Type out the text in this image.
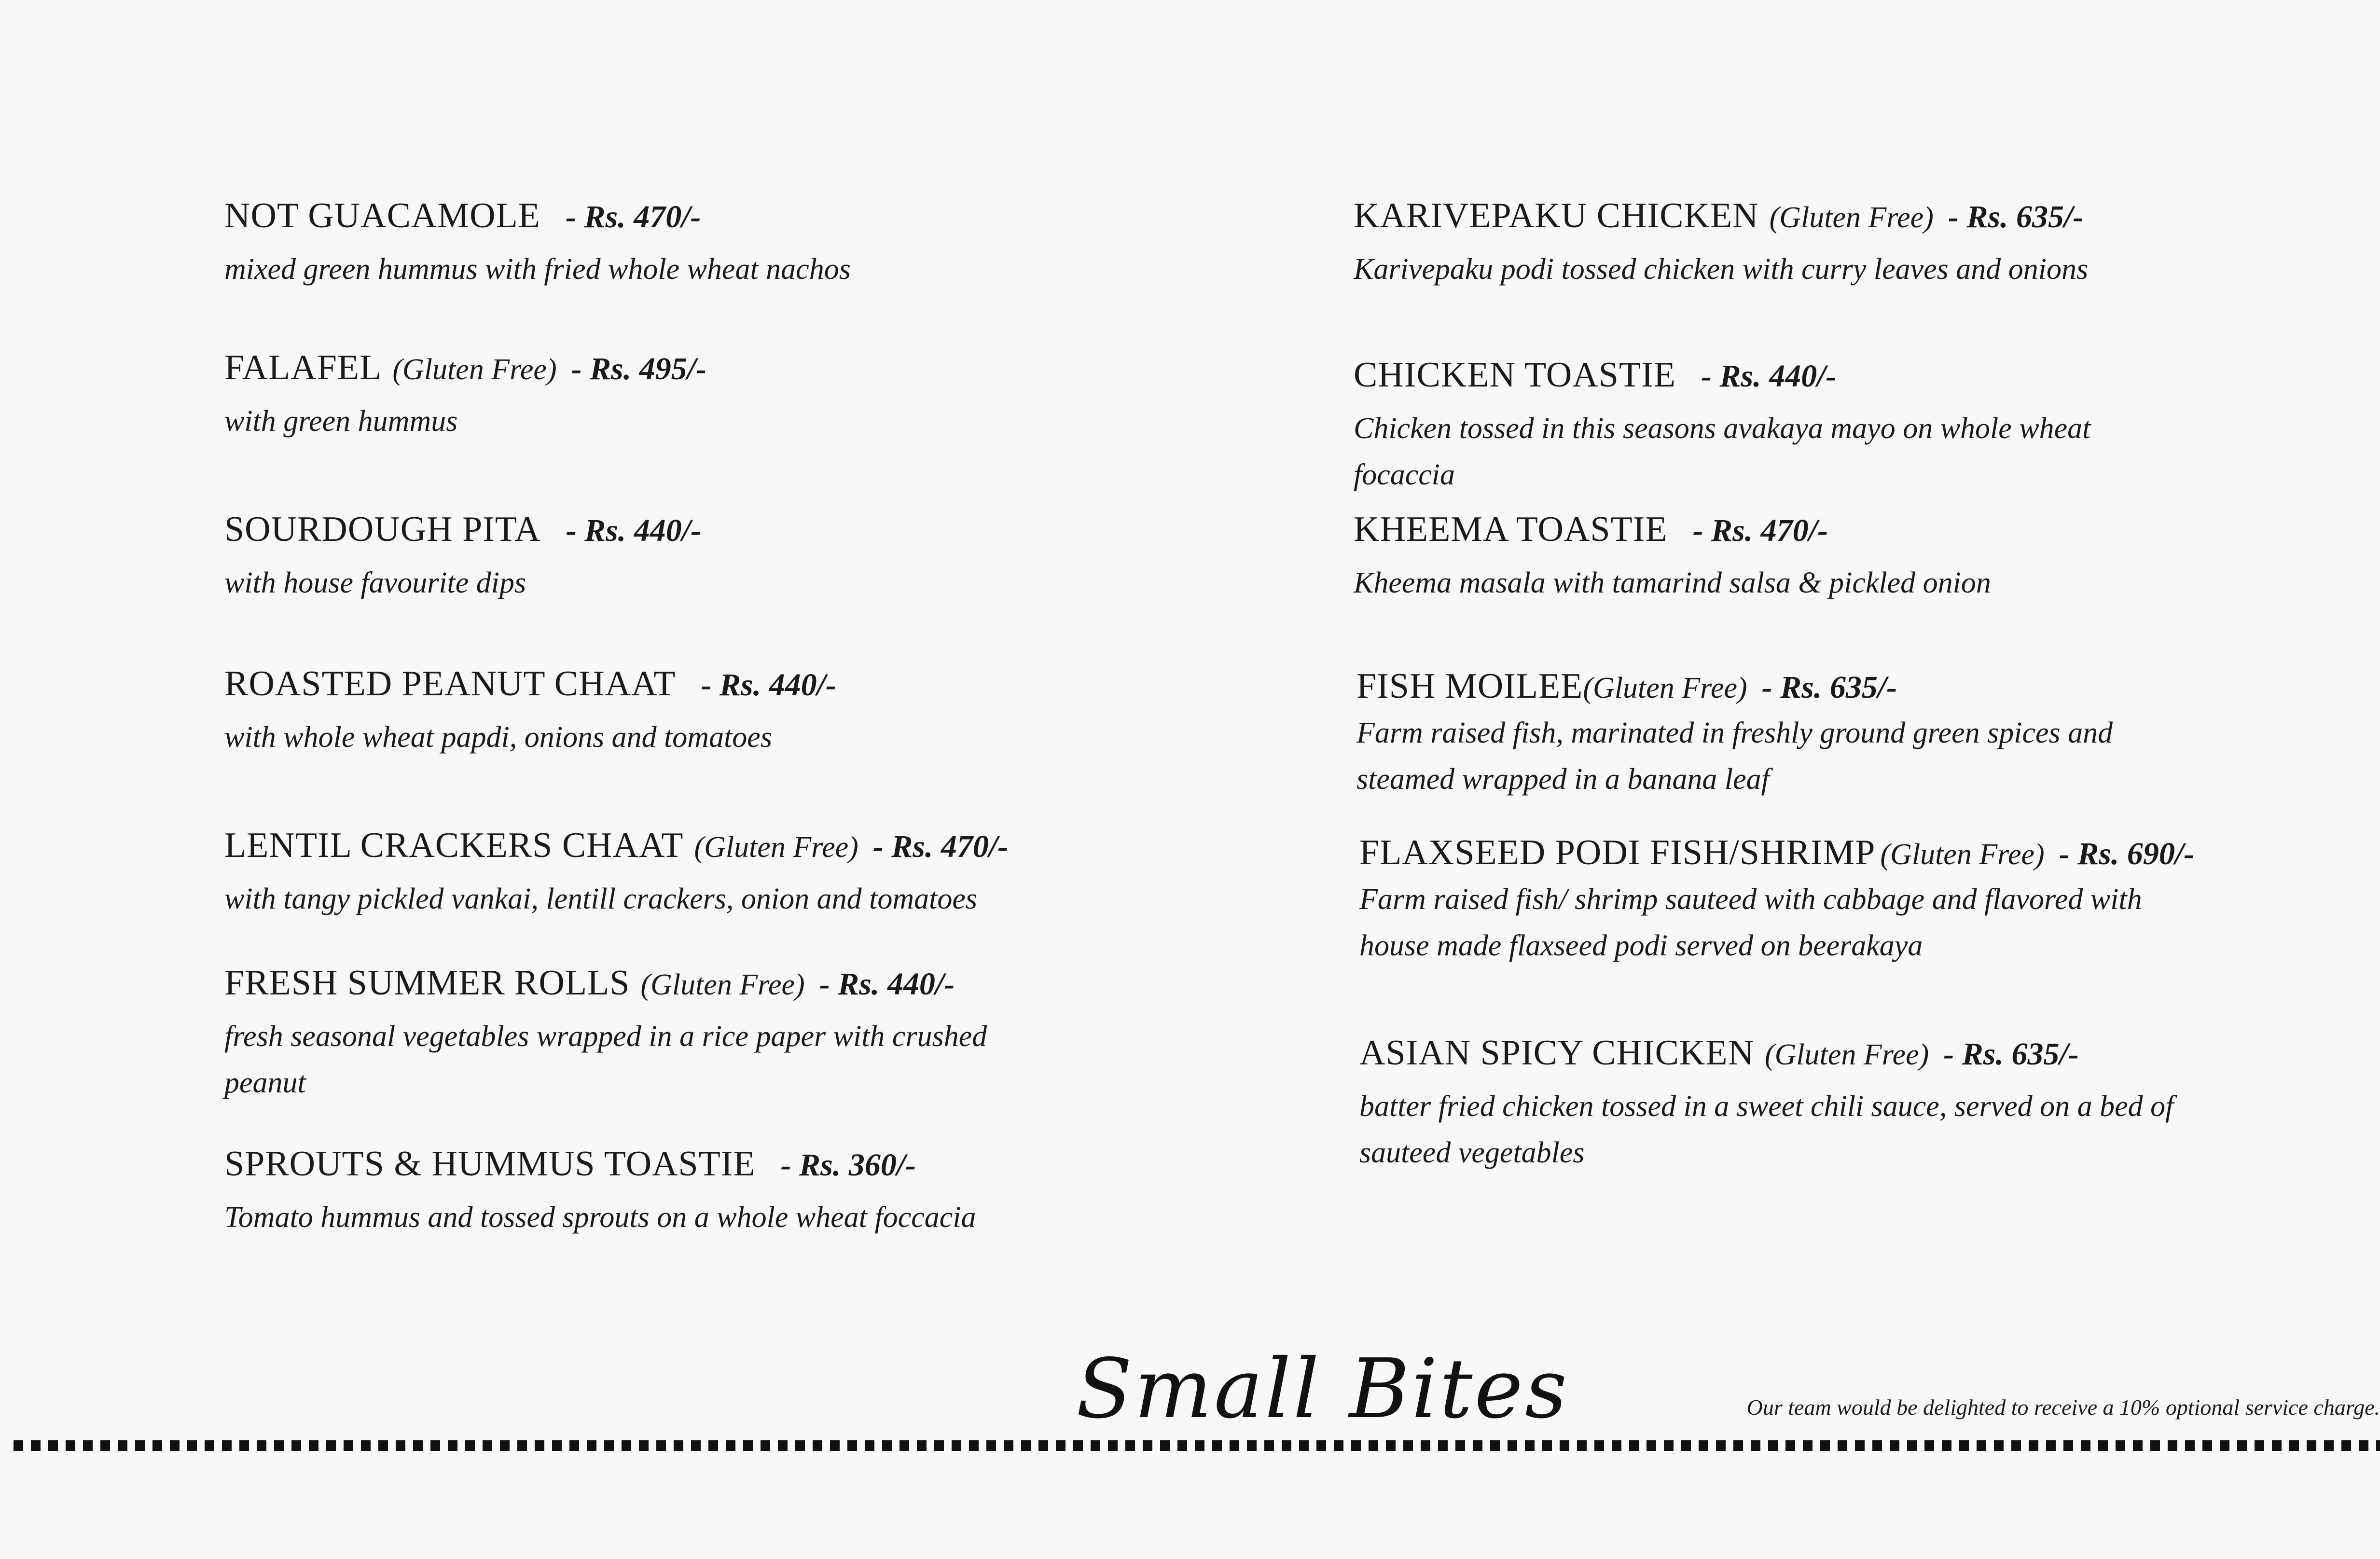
NOT GUACAMOLE - Rs. 470/-
mixed green hummus with fried whole wheat nachos
FALAFEL (Gluten Free) - Rs. 495/-
with green hummus
SOURDOUGH PITA - Rs. 440/-
with house favourite dips
ROASTED PEANUT CHAAT - Rs. 440/-
with whole wheat papdi, onions and tomatoes
LENTIL CRACKERS CHAAT (Gluten Free) - Rs. 470/-
with tangy pickled vankai, lentill crackers, onion and tomatoes
FRESH SUMMER ROLLS (Gluten Free) - Rs. 440/-
fresh seasonal vegetables wrapped in a rice paper with crushed peanut
SPROUTS & HUMMUS TOASTIE - Rs. 360/-
Tomato hummus and tossed sprouts on a whole wheat foccacia
KARIVEPAKU CHICKEN (Gluten Free) - Rs. 635/-
Karivepaku podi tossed chicken with curry leaves and onions
CHICKEN TOASTIE - Rs. 440/-
Chicken tossed in this seasons avakaya mayo on whole wheat focaccia
KHEEMA TOASTIE - Rs. 470/-
Kheema masala with tamarind salsa & pickled onion
FISH MOILEE(Gluten Free) - Rs. 635/-
Farm raised fish, marinated in freshly ground green spices and steamed wrapped in a banana leaf
FLAXSEED PODI FISH/SHRIMP (Gluten Free) - Rs. 690/-
Farm raised fish/ shrimp sauteed with cabbage and flavored with house made flaxseed podi served on beerakaya
ASIAN SPICY CHICKEN (Gluten Free) - Rs. 635/-
batter fried chicken tossed in a sweet chili sauce, served on a bed of sauteed vegetables
Small Bites	Our team would be delighted to receive a 10% optional service charge.
